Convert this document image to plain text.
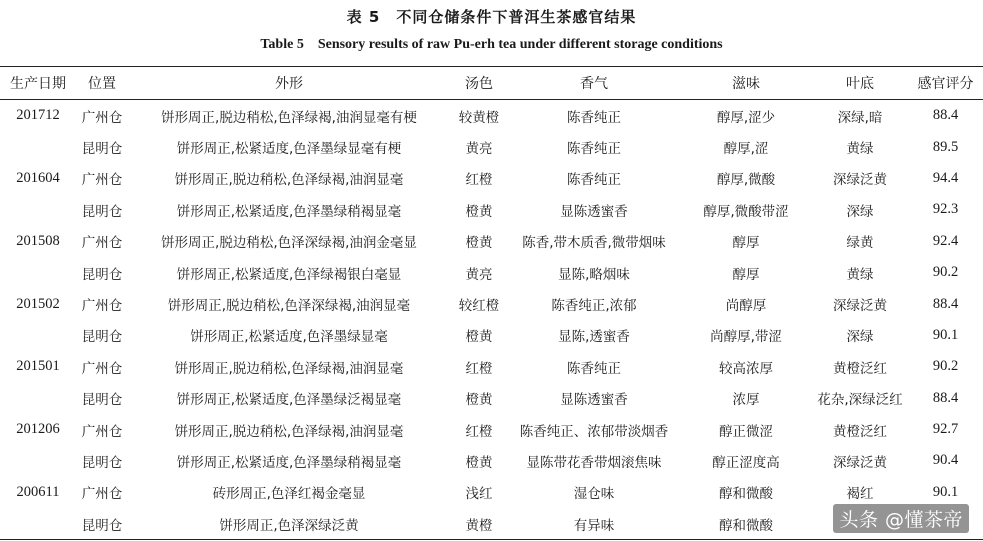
表 5　不同仓储条件下普洱生茶感官结果
Table 5　Sensory results of raw Pu-erh tea under different storage conditions
生产日期	位置	外形	汤色	香气	滋味	叶底	感官评分
201712	广州仓	饼形周正,脱边稍松,色泽绿褐,油润显毫有梗	较黄橙	陈香纯正	醇厚,涩少	深绿,暗	88.4
	昆明仓	饼形周正,松紧适度,色泽墨绿显毫有梗	黄亮	陈香纯正	醇厚,涩	黄绿	89.5
201604	广州仓	饼形周正,脱边稍松,色泽绿褐,油润显毫	红橙	陈香纯正	醇厚,微酸	深绿泛黄	94.4
	昆明仓	饼形周正,松紧适度,色泽墨绿稍褐显毫	橙黄	显陈透蜜香	醇厚,微酸带涩	深绿	92.3
201508	广州仓	饼形周正,脱边稍松,色泽深绿褐,油润金毫显	橙黄	陈香,带木质香,微带烟味	醇厚	绿黄	92.4
	昆明仓	饼形周正,松紧适度,色泽绿褐银白毫显	黄亮	显陈,略烟味	醇厚	黄绿	90.2
201502	广州仓	饼形周正,脱边稍松,色泽深绿褐,油润显毫	较红橙	陈香纯正,浓郁	尚醇厚	深绿泛黄	88.4
	昆明仓	饼形周正,松紧适度,色泽墨绿显毫	橙黄	显陈,透蜜香	尚醇厚,带涩	深绿	90.1
201501	广州仓	饼形周正,脱边稍松,色泽绿褐,油润显毫	红橙	陈香纯正	较高浓厚	黄橙泛红	90.2
	昆明仓	饼形周正,松紧适度,色泽墨绿泛褐显毫	橙黄	显陈透蜜香	浓厚	花杂,深绿泛红	88.4
201206	广州仓	饼形周正,脱边稍松,色泽绿褐,油润显毫	红橙	陈香纯正、浓郁带淡烟香	醇正微涩	黄橙泛红	92.7
	昆明仓	饼形周正,松紧适度,色泽墨绿稍褐显毫	橙黄	显陈带花香带烟滚焦味	醇正涩度高	深绿泛黄	90.4
200611	广州仓	砖形周正,色泽红褐金毫显	浅红	湿仓味	醇和微酸	褐红	90.1
	昆明仓	饼形周正,色泽深绿泛黄	黄橙	有异味	醇和微酸			头条 @懂茶帝
